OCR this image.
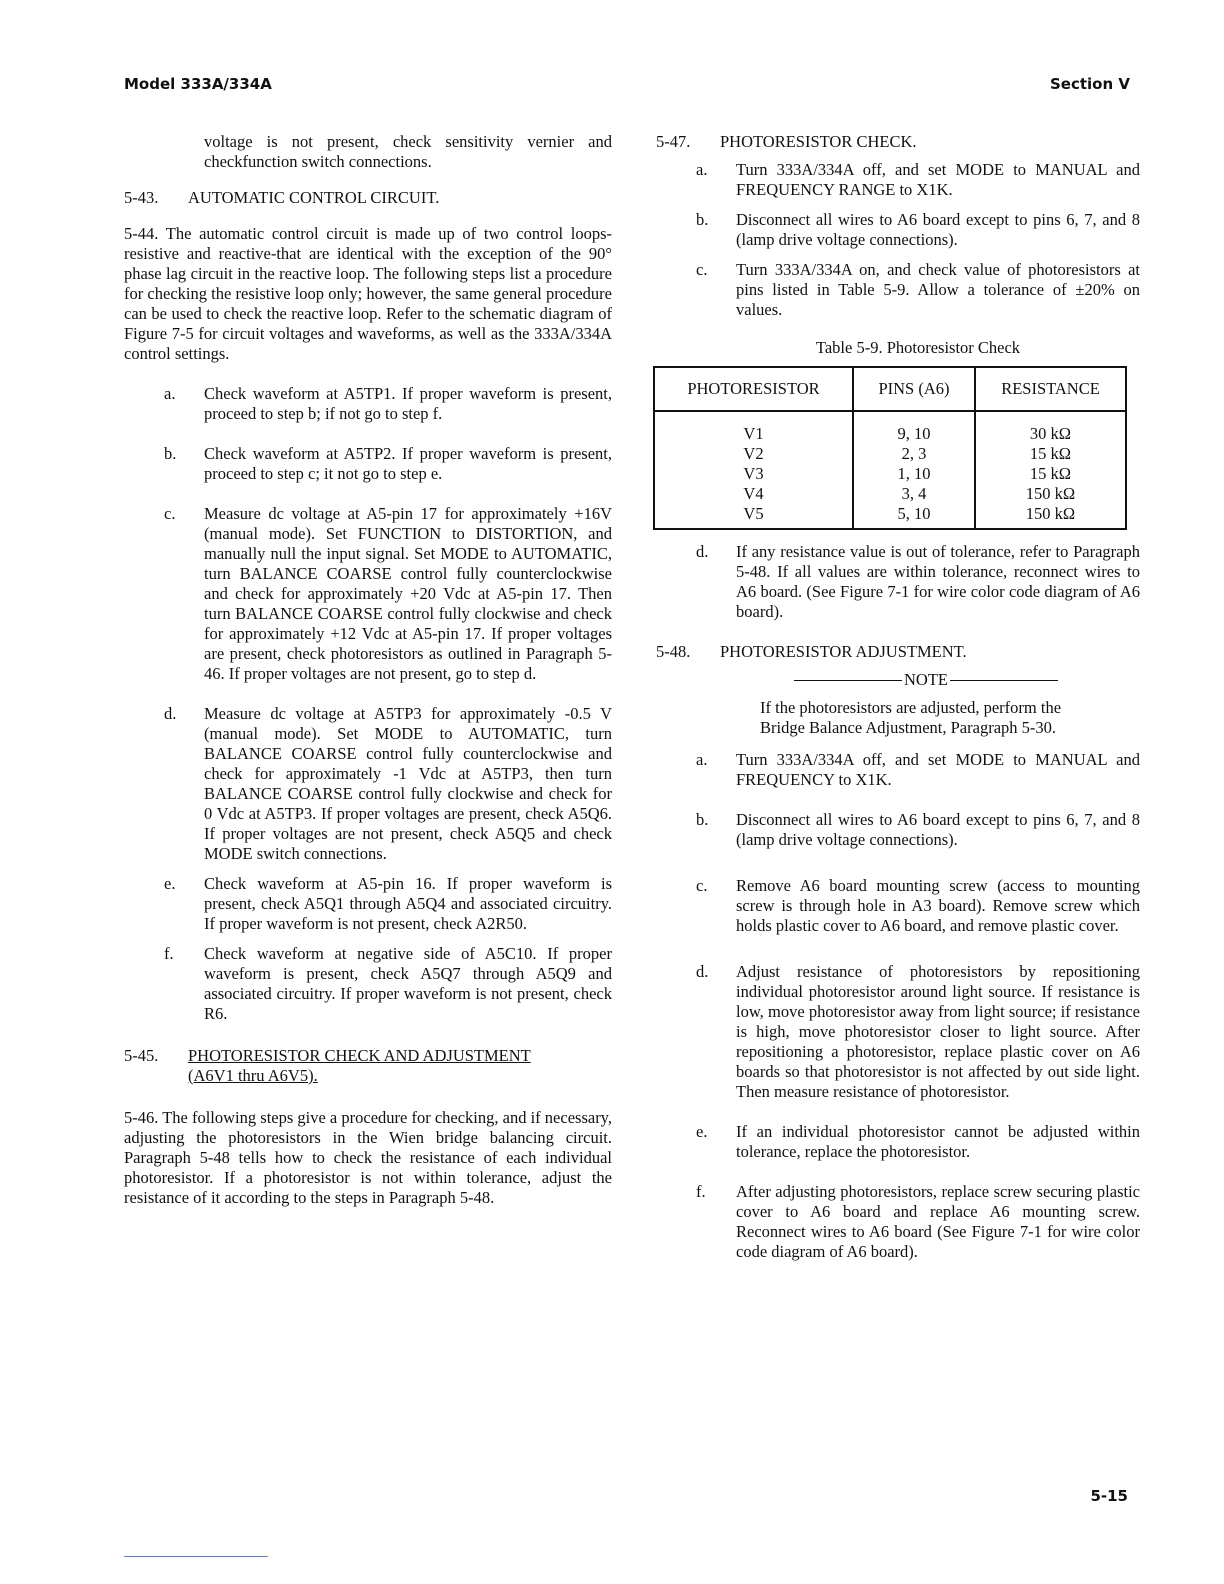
Model 333A/334A	Section V

voltage is not present, check sensitivity vernier and checkfunction switch connections.

5-43.	AUTOMATIC CONTROL CIRCUIT.

5-44. The automatic control circuit is made up of two control loops-resistive and reactive-that are identical with the exception of the 90° phase lag circuit in the reactive loop. The following steps list a procedure for checking the resistive loop only; however, the same general procedure can be used to check the reactive loop. Refer to the schematic diagram of Figure 7-5 for circuit voltages and waveforms, as well as the 333A/334A control settings.

a.	Check waveform at A5TP1. If proper waveform is present, proceed to step b; if not go to step f.
b.	Check waveform at A5TP2. If proper waveform is present, proceed to step c; it not go to step e.
c.	Measure dc voltage at A5-pin 17 for approximately +16V (manual mode). Set FUNCTION to DISTORTION, and manually null the input signal. Set MODE to AUTOMATIC, turn BALANCE COARSE control fully counterclockwise and check for approximately +20 Vdc at A5-pin 17. Then turn BALANCE COARSE control fully clockwise and check for approximately +12 Vdc at A5-pin 17. If proper voltages are present, check photoresistors as outlined in Paragraph 5-46. If proper voltages are not present, go to step d.
d.	Measure dc voltage at A5TP3 for approximately -0.5 V (manual mode). Set MODE to AUTOMATIC, turn BALANCE COARSE control fully counterclockwise and check for approximately -1 Vdc at A5TP3, then turn BALANCE COARSE control fully clockwise and check for 0 Vdc at A5TP3. If proper voltages are present, check A5Q6. If proper voltages are not present, check A5Q5 and check MODE switch connections.
e.	Check waveform at A5-pin 16. If proper waveform is present, check A5Q1 through A5Q4 and associated circuitry. If proper waveform is not present, check A2R50.
f.	Check waveform at negative side of A5C10. If proper waveform is present, check A5Q7 through A5Q9 and associated circuitry. If proper waveform is not present, check R6.
5-45.	PHOTORESISTOR CHECK AND ADJUSTMENT
(A6V1 thru A6V5).

5-46. The following steps give a procedure for checking, and if necessary, adjusting the photoresistors in the Wien bridge balancing circuit. Paragraph 5-48 tells how to check the resistance of each individual photoresistor. If a photoresistor is not within tolerance, adjust the resistance of it according to the steps in Paragraph 5-48.

5-47.	PHOTORESISTOR CHECK.
a.	Turn 333A/334A off, and set MODE to MANUAL and FREQUENCY RANGE to X1K.
b.	Disconnect all wires to A6 board except to pins 6, 7, and 8 (lamp drive voltage connections).
c.	Turn 333A/334A on, and check value of photoresistors at pins listed in Table 5-9. Allow a tolerance of ±20% on values.
Table 5-9. Photoresistor Check
PHOTORESISTOR	PINS (A6)	RESISTANCE
V1	9, 10	30 kΩ
V2	2, 3	15 kΩ
V3	1, 10	15 kΩ
V4	3, 4	150 kΩ
V5	5, 10	150 kΩ
d.	If any resistance value is out of tolerance, refer to Paragraph 5-48. If all values are within tolerance, reconnect wires to A6 board. (See Figure 7-1 for wire color code diagram of A6 board).
5-48.	PHOTORESISTOR ADJUSTMENT.
NOTE

If the photoresistors are adjusted, perform the Bridge Balance Adjustment, Paragraph 5-30.

a.	Turn 333A/334A off, and set MODE to MANUAL and FREQUENCY to X1K.
b.	Disconnect all wires to A6 board except to pins 6, 7, and 8 (lamp drive voltage connections).
c.	Remove A6 board mounting screw (access to mounting screw is through hole in A3 board). Remove screw which holds plastic cover to A6 board, and remove plastic cover.
d.	Adjust resistance of photoresistors by repositioning individual photoresistor around light source. If resistance is low, move photoresistor away from light source; if resistance is high, move photoresistor closer to light source. After repositioning a photoresistor, replace plastic cover on A6 boards so that photoresistor is not affected by out side light. Then measure resistance of photoresistor.
e.	If an individual photoresistor cannot be adjusted within tolerance, replace the photoresistor.
f.	After adjusting photoresistors, replace screw securing plastic cover to A6 board and replace A6 mounting screw. Reconnect wires to A6 board (See Figure 7-1 for wire color code diagram of A6 board).
5-15
